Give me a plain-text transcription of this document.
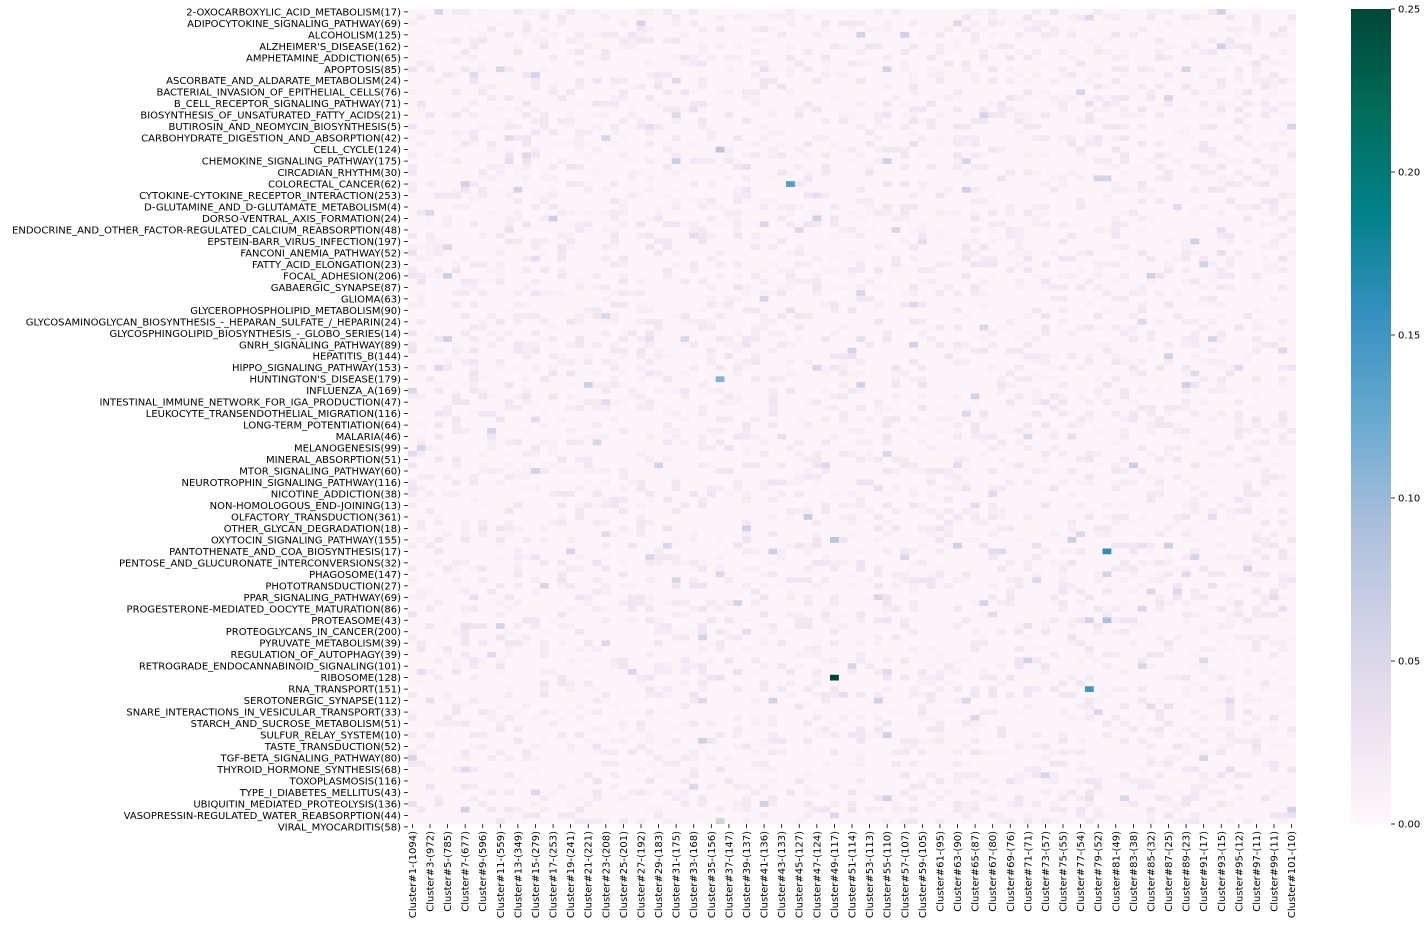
2-OXOCARBOXYLIC_ACID_METABOLISM(17)
ADIPOCYTOKINE_SIGNALING_PATHWAY(69)
ALCOHOLISM(125)
ALZHEIMER'S_DISEASE(162)
AMPHETAMINE_ADDICTION(65)
APOPTOSIS(85)
ASCORBATE_AND_ALDARATE_METABOLISM(24)
BACTERIAL_INVASION_OF_EPITHELIAL_CELLS(76)
B_CELL_RECEPTOR_SIGNALING_PATHWAY(71)
BIOSYNTHESIS_OF_UNSATURATED_FATTY_ACIDS(21)
BUTIROSIN_AND_NEOMYCIN_BIOSYNTHESIS(5)
CARBOHYDRATE_DIGESTION_AND_ABSORPTION(42)
CELL_CYCLE(124)
CHEMOKINE_SIGNALING_PATHWAY(175)
CIRCADIAN_RHYTHM(30)
COLORECTAL_CANCER(62)
CYTOKINE-CYTOKINE_RECEPTOR_INTERACTION(253)
D-GLUTAMINE_AND_D-GLUTAMATE_METABOLISM(4)
DORSO-VENTRAL_AXIS_FORMATION(24)
ENDOCRINE_AND_OTHER_FACTOR-REGULATED_CALCIUM_REABSORPTION(48)
EPSTEIN-BARR_VIRUS_INFECTION(197)
FANCONI_ANEMIA_PATHWAY(52)
FATTY_ACID_ELONGATION(23)
FOCAL_ADHESION(206)
GABAERGIC_SYNAPSE(87)
GLIOMA(63)
GLYCEROPHOSPHOLIPID_METABOLISM(90)
GLYCOSAMINOGLYCAN_BIOSYNTHESIS_-_HEPARAN_SULFATE_/_HEPARIN(24)
GLYCOSPHINGOLIPID_BIOSYNTHESIS_-_GLOBO_SERIES(14)
GNRH_SIGNALING_PATHWAY(89)
HEPATITIS_B(144)
HIPPO_SIGNALING_PATHWAY(153)
HUNTINGTON'S_DISEASE(179)
INFLUENZA_A(169)
INTESTINAL_IMMUNE_NETWORK_FOR_IGA_PRODUCTION(47)
LEUKOCYTE_TRANSENDOTHELIAL_MIGRATION(116)
LONG-TERM_POTENTIATION(64)
MALARIA(46)
MELANOGENESIS(99)
MINERAL_ABSORPTION(51)
MTOR_SIGNALING_PATHWAY(60)
NEUROTROPHIN_SIGNALING_PATHWAY(116)
NICOTINE_ADDICTION(38)
NON-HOMOLOGOUS_END-JOINING(13)
OLFACTORY_TRANSDUCTION(361)
OTHER_GLYCAN_DEGRADATION(18)
OXYTOCIN_SIGNALING_PATHWAY(155)
PANTOTHENATE_AND_COA_BIOSYNTHESIS(17)
PENTOSE_AND_GLUCURONATE_INTERCONVERSIONS(32)
PHAGOSOME(147)
PHOTOTRANSDUCTION(27)
PPAR_SIGNALING_PATHWAY(69)
PROGESTERONE-MEDIATED_OOCYTE_MATURATION(86)
PROTEASOME(43)
PROTEOGLYCANS_IN_CANCER(200)
PYRUVATE_METABOLISM(39)
REGULATION_OF_AUTOPHAGY(39)
RETROGRADE_ENDOCANNABINOID_SIGNALING(101)
RIBOSOME(128)
RNA_TRANSPORT(151)
SEROTONERGIC_SYNAPSE(112)
SNARE_INTERACTIONS_IN_VESICULAR_TRANSPORT(33)
STARCH_AND_SUCROSE_METABOLISM(51)
SULFUR_RELAY_SYSTEM(10)
TASTE_TRANSDUCTION(52)
TGF-BETA_SIGNALING_PATHWAY(80)
THYROID_HORMONE_SYNTHESIS(68)
TOXOPLASMOSIS(116)
TYPE_I_DIABETES_MELLITUS(43)
UBIQUITIN_MEDIATED_PROTEOLYSIS(136)
VASOPRESSIN-REGULATED_WATER_REABSORPTION(44)
VIRAL_MYOCARDITIS(58)
Cluster#1-(1094) Cluster#3-(972) Cluster#5-(785) Cluster#7-(677) Cluster#9-(596) Cluster#11-(559) Cluster#13-(349) Cluster#15-(279) Cluster#17-(253) Cluster#19-(241) Cluster#21-(221) Cluster#23-(208) Cluster#25-(201) Cluster#27-(192) Cluster#29-(183) Cluster#31-(175) Cluster#33-(168) Cluster#35-(156) Cluster#37-(147) Cluster#39-(137) Cluster#41-(136) Cluster#43-(133) Cluster#45-(127) Cluster#47-(124) Cluster#49-(117) Cluster#51-(114) Cluster#53-(113) Cluster#55-(110) Cluster#57-(107) Cluster#59-(105) Cluster#61-(95) Cluster#63-(90) Cluster#65-(87) Cluster#67-(80) Cluster#69-(76) Cluster#71-(71) Cluster#73-(57) Cluster#75-(55) Cluster#77-(54) Cluster#79-(52) Cluster#81-(49) Cluster#83-(38) Cluster#85-(32) Cluster#87-(25) Cluster#89-(23) Cluster#91-(17) Cluster#93-(15) Cluster#95-(12) Cluster#97-(11) Cluster#99-(11) Cluster#101-(10)
0.00
0.05
0.10
0.15
0.20
0.25
